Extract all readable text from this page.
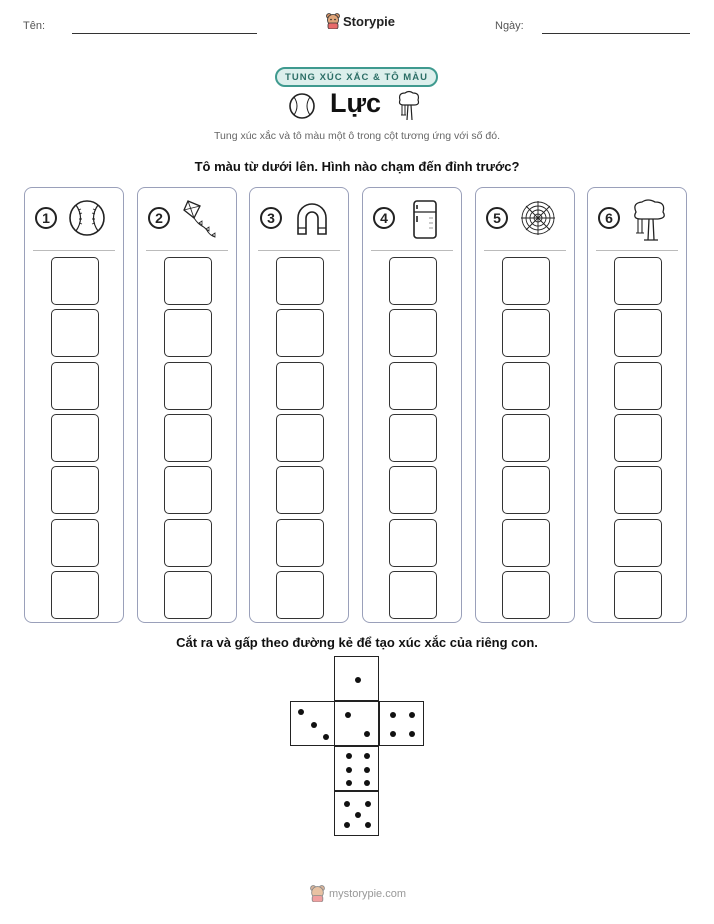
Tên:	Storypie	Ngày:
TUNG XÚC XẮC & TÔ MÀU
Lực
Tung xúc xắc và tô màu một ô trong cột tương ứng với số đó.
Tô màu từ dưới lên. Hình nào chạm đến đỉnh trước?
1	2	3	4	5	6
Cắt ra và gấp theo đường kẻ để tạo xúc xắc của riêng con.
mystorypie.com
